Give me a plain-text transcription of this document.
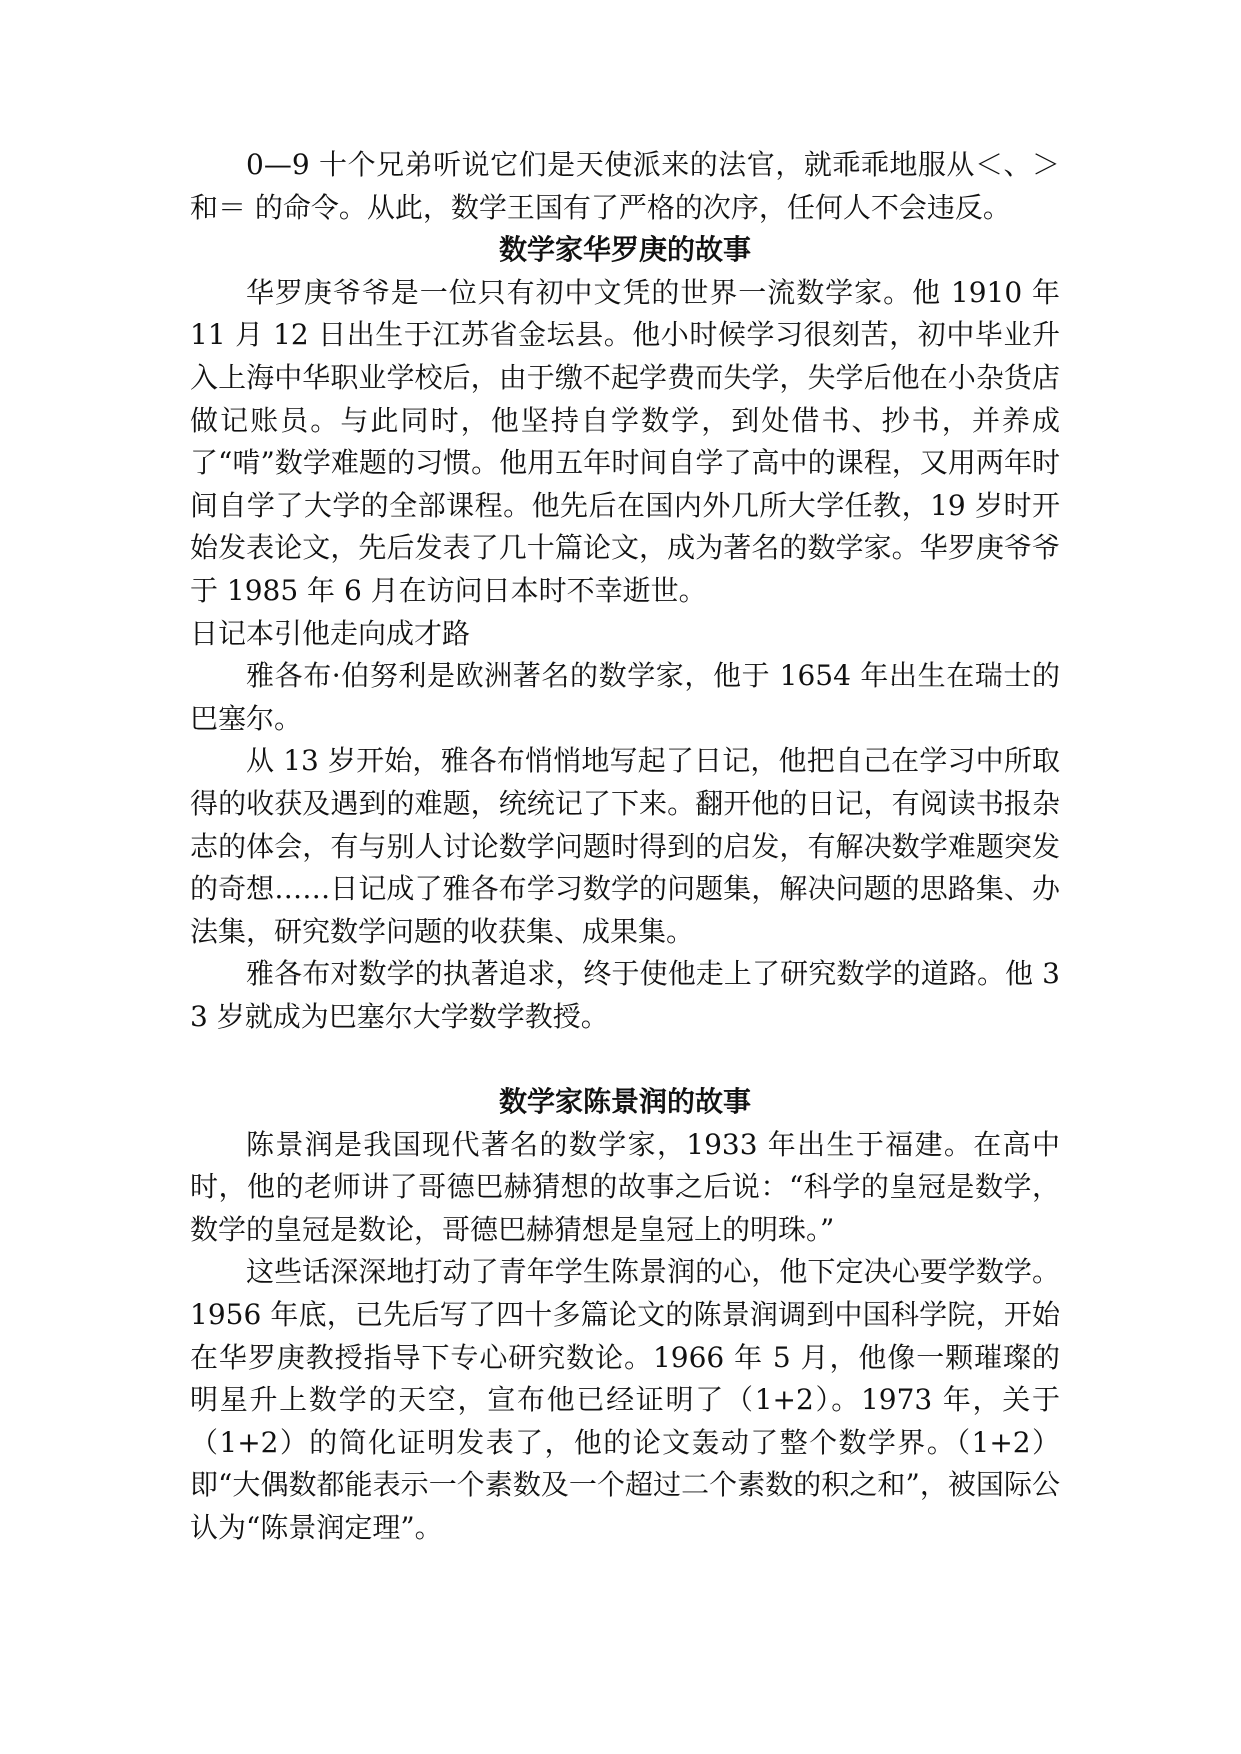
0—9 十个兄弟听说它们是天使派来的法官，就乖乖地服从＜、＞和＝ 的命令。从此，数学王国有了严格的次序，任何人不会违反。

数学家华罗庚的故事

华罗庚爷爷是一位只有初中文凭的世界一流数学家。他 1910 年 11 月 12 日出生于江苏省金坛县。他小时候学习很刻苦，初中毕业升入上海中华职业学校后，由于缴不起学费而失学，失学后他在小杂货店做记账员。与此同时，他坚持自学数学，到处借书、抄书，并养成了“啃”数学难题的习惯。他用五年时间自学了高中的课程，又用两年时间自学了大学的全部课程。他先后在国内外几所大学任教，19 岁时开始发表论文，先后发表了几十篇论文，成为著名的数学家。华罗庚爷爷于 1985 年 6 月在访问日本时不幸逝世。

日记本引他走向成才路

雅各布·伯努利是欧洲著名的数学家，他于 1654 年出生在瑞士的巴塞尔。

从 13 岁开始，雅各布悄悄地写起了日记，他把自己在学习中所取得的收获及遇到的难题，统统记了下来。翻开他的日记，有阅读书报杂志的体会，有与别人讨论数学问题时得到的启发，有解决数学难题突发的奇想……日记成了雅各布学习数学的问题集，解决问题的思路集、办法集，研究数学问题的收获集、成果集。

雅各布对数学的执著追求，终于使他走上了研究数学的道路。他 33 岁就成为巴塞尔大学数学教授。

数学家陈景润的故事

陈景润是我国现代著名的数学家，1933 年出生于福建。在高中时，他的老师讲了哥德巴赫猜想的故事之后说：“科学的皇冠是数学，数学的皇冠是数论，哥德巴赫猜想是皇冠上的明珠。”

这些话深深地打动了青年学生陈景润的心，他下定决心要学数学。1956 年底，已先后写了四十多篇论文的陈景润调到中国科学院，开始在华罗庚教授指导下专心研究数论。1966 年 5 月，他像一颗璀璨的明星升上数学的天空，宣布他已经证明了（1+2）。1973 年，关于（1+2）的简化证明发表了，他的论文轰动了整个数学界。（1+2）即“大偶数都能表示一个素数及一个超过二个素数的积之和”，被国际公认为“陈景润定理”。
